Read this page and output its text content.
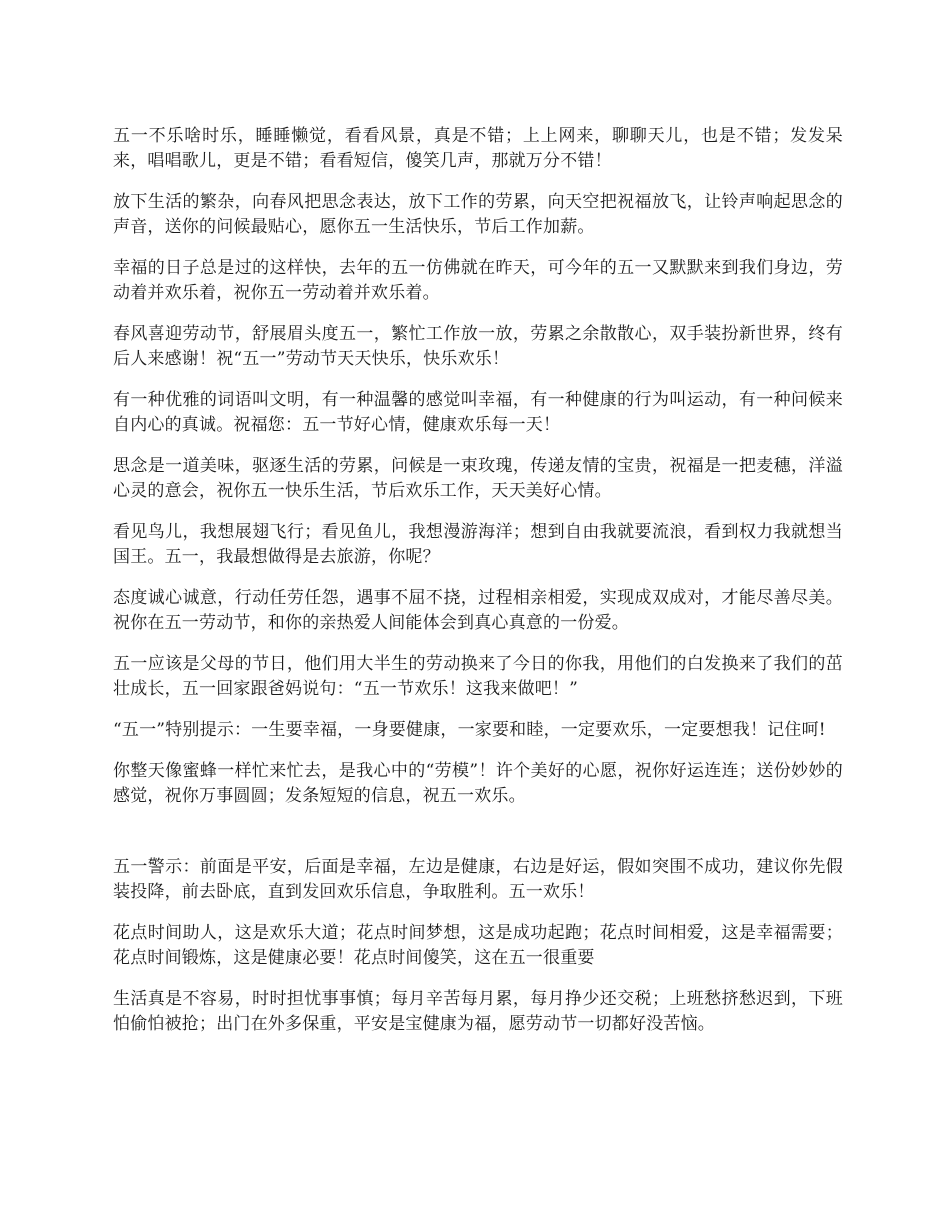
五一不乐啥时乐，睡睡懒觉，看看风景，真是不错；上上网来，聊聊天儿，也是不错；发发呆来，唱唱歌儿，更是不错；看看短信，傻笑几声，那就万分不错！

放下生活的繁杂，向春风把思念表达，放下工作的劳累，向天空把祝福放飞，让铃声响起思念的声音，送你的问候最贴心，愿你五一生活快乐，节后工作加薪。

幸福的日子总是过的这样快，去年的五一仿佛就在昨天，可今年的五一又默默来到我们身边，劳动着并欢乐着，祝你五一劳动着并欢乐着。

春风喜迎劳动节，舒展眉头度五一，繁忙工作放一放，劳累之余散散心，双手装扮新世界，终有后人来感谢！祝“五一”劳动节天天快乐，快乐欢乐！

有一种优雅的词语叫文明，有一种温馨的感觉叫幸福，有一种健康的行为叫运动，有一种问候来自内心的真诚。祝福您：五一节好心情，健康欢乐每一天！

思念是一道美味，驱逐生活的劳累，问候是一束玫瑰，传递友情的宝贵，祝福是一把麦穗，洋溢心灵的意会，祝你五一快乐生活，节后欢乐工作，天天美好心情。

看见鸟儿，我想展翅飞行；看见鱼儿，我想漫游海洋；想到自由我就要流浪，看到权力我就想当国王。五一，我最想做得是去旅游，你呢？

态度诚心诚意，行动任劳任怨，遇事不屈不挠，过程相亲相爱，实现成双成对，才能尽善尽美。祝你在五一劳动节，和你的亲热爱人间能体会到真心真意的一份爱。

五一应该是父母的节日，他们用大半生的劳动换来了今日的你我，用他们的白发换来了我们的茁壮成长，五一回家跟爸妈说句：“五一节欢乐！这我来做吧！”

“五一”特别提示：一生要幸福，一身要健康，一家要和睦，一定要欢乐，一定要想我！记住呵!

你整天像蜜蜂一样忙来忙去，是我心中的“劳模”！许个美好的心愿，祝你好运连连；送份妙妙的感觉，祝你万事圆圆；发条短短的信息，祝五一欢乐。

五一警示：前面是平安，后面是幸福，左边是健康，右边是好运，假如突围不成功，建议你先假装投降，前去卧底，直到发回欢乐信息，争取胜利。五一欢乐！

花点时间助人，这是欢乐大道；花点时间梦想，这是成功起跑；花点时间相爱，这是幸福需要；花点时间锻炼，这是健康必要！花点时间傻笑，这在五一很重要

生活真是不容易，时时担忧事事慎；每月辛苦每月累，每月挣少还交税；上班愁挤愁迟到，下班怕偷怕被抢；出门在外多保重，平安是宝健康为福，愿劳动节一切都好没苦恼。
